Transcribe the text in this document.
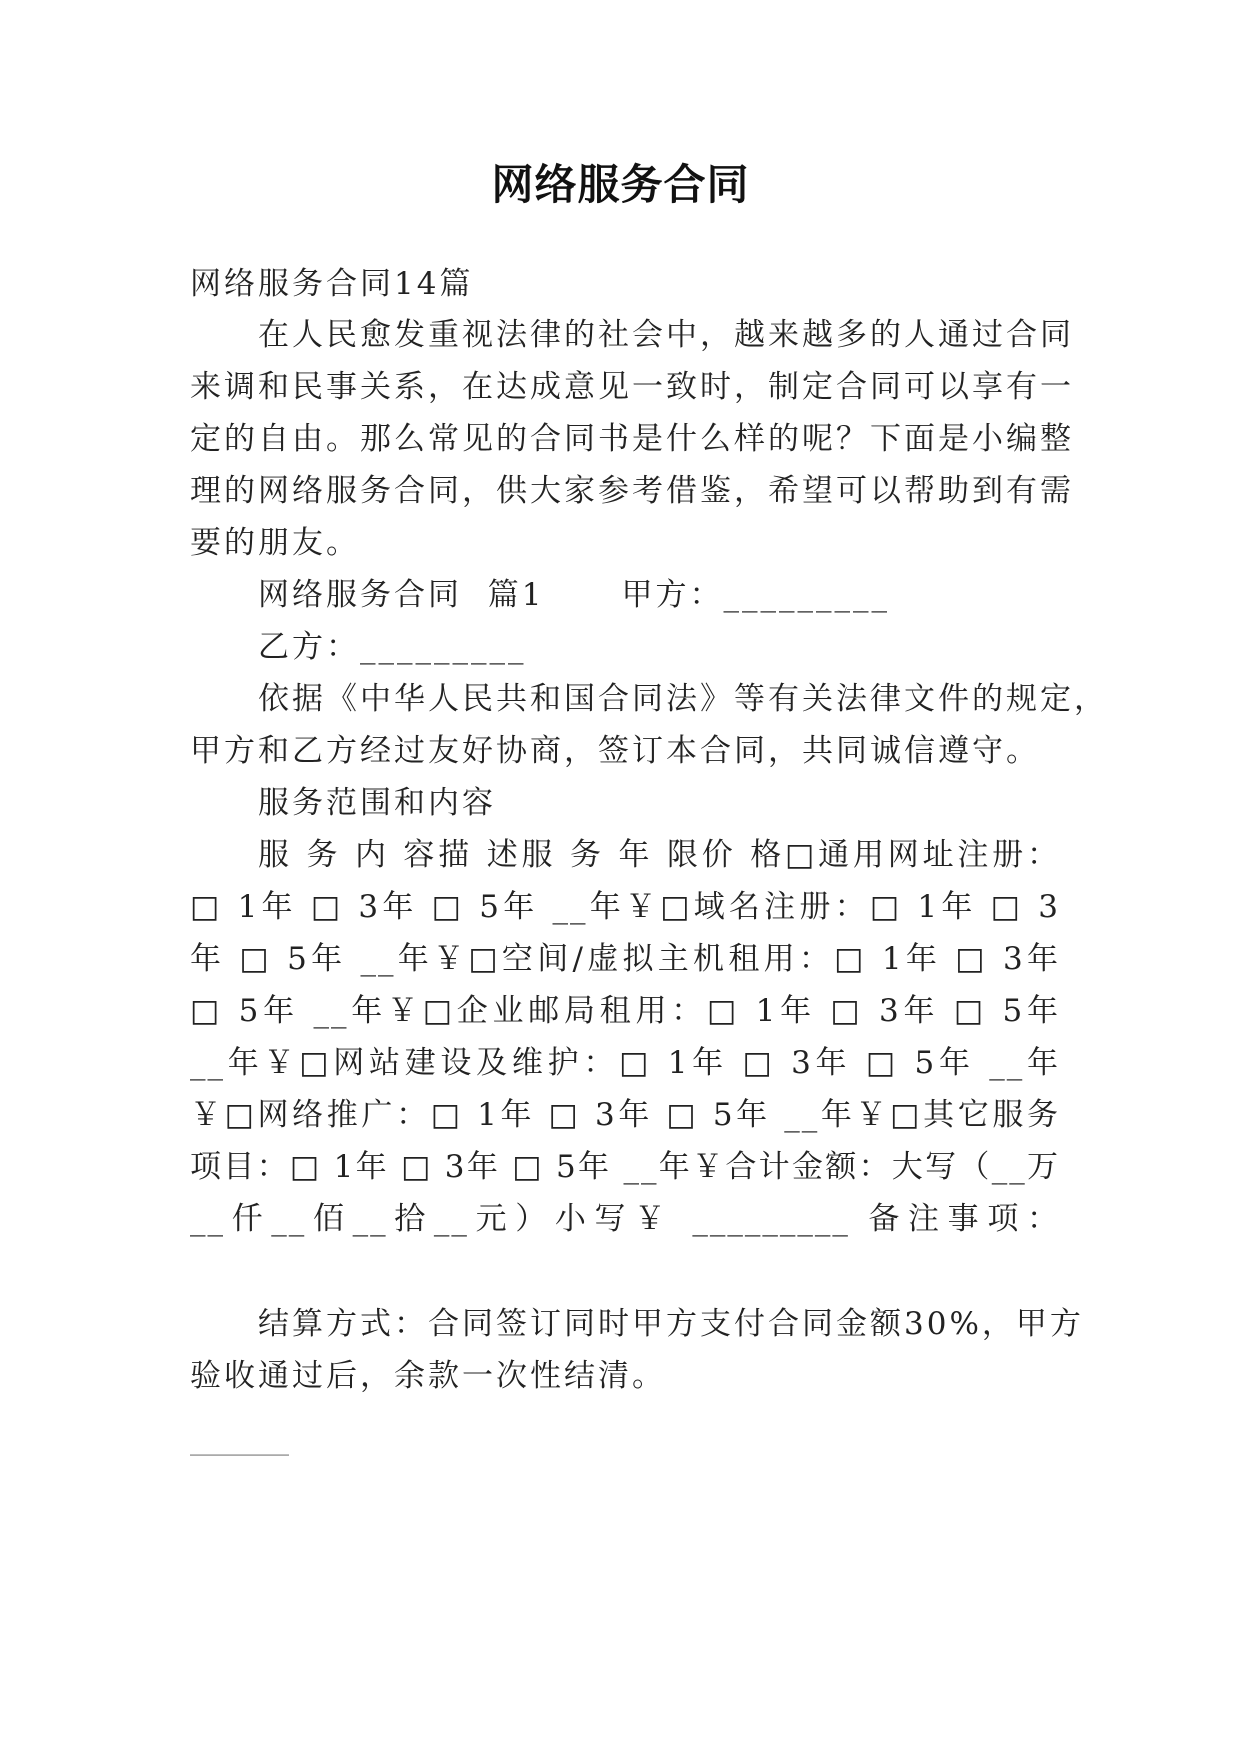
网络服务合同
网络服务合同14篇
在人民愈发重视法律的社会中，越来越多的人通过合同
来调和民事关系，在达成意见一致时，制定合同可以享有一
定的自由。那么常见的合同书是什么样的呢？下面是小编整
理的网络服务合同，供大家参考借鉴，希望可以帮助到有需
要的朋友。
网络服务合同  篇1      甲方：_________
乙方：_________
依据《中华人民共和国合同法》等有关法律文件的规定，
甲方和乙方经过友好协商，签订本合同，共同诚信遵守。
服务范围和内容
服 务 内 容描 述服 务 年 限价 格□通用网址注册：
□ 1年 □ 3年 □ 5年 __年￥□域名注册：□ 1年 □ 3
年 □ 5年 __年￥□空间/虚拟主机租用：□ 1年 □ 3年
□ 5年 __年￥□企业邮局租用：□ 1年 □ 3年 □ 5年
__年￥□网站建设及维护：□ 1年 □ 3年 □ 5年 __年
￥□网络推广：□ 1年 □ 3年 □ 5年 __年￥□其它服务
项目：□ 1年 □ 3年 □ 5年 __年￥合计金额：大写（__万
__仟__佰__拾__元）小写￥ _________ 备注事项：
_________
结算方式：合同签订同时甲方支付合同金额30%，甲方
验收通过后，余款一次性结清。
